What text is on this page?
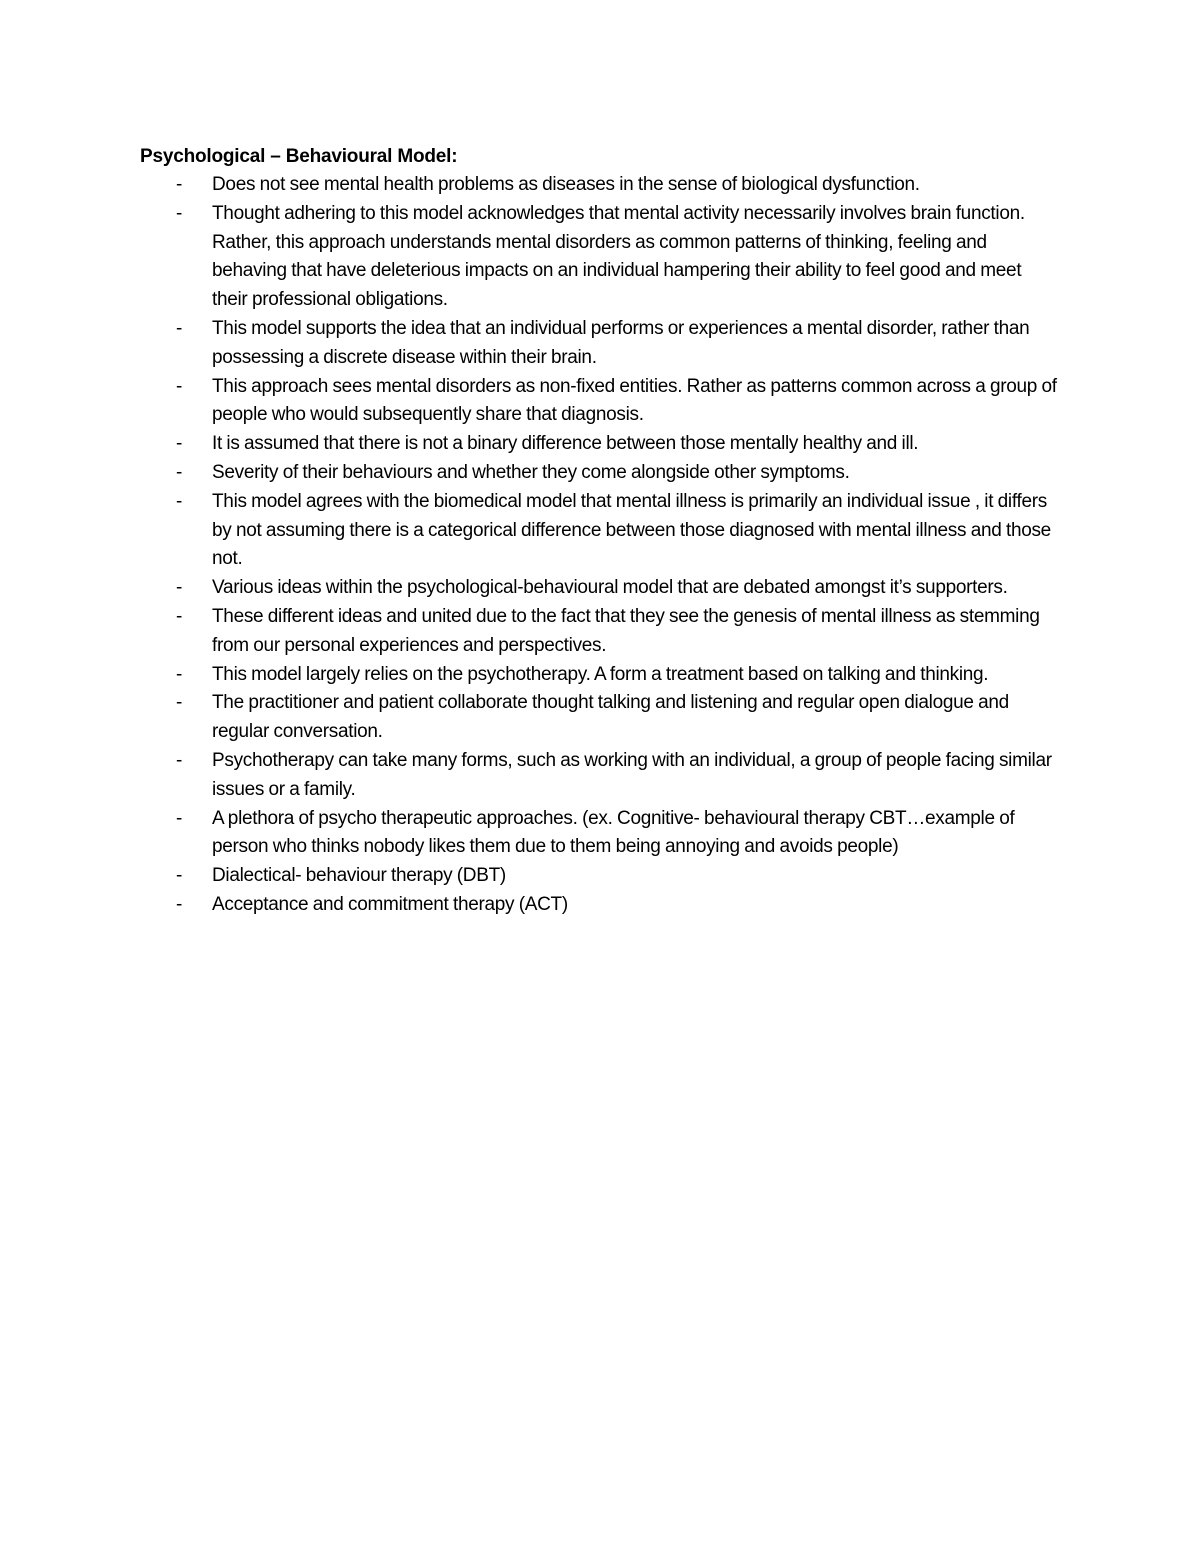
Psychological – Behavioural Model:

- Does not see mental health problems as diseases in the sense of biological dysfunction.
- Thought adhering to this model acknowledges that mental activity necessarily involves brain function. Rather, this approach understands mental disorders as common patterns of thinking, feeling and behaving that have deleterious impacts on an individual hampering their ability to feel good and meet their professional obligations.
- This model supports the idea that an individual performs or experiences a mental disorder, rather than possessing a discrete disease within their brain.
- This approach sees mental disorders as non-fixed entities. Rather as patterns common across a group of people who would subsequently share that diagnosis.
- It is assumed that there is not a binary difference between those mentally healthy and ill.
- Severity of their behaviours and whether they come alongside other symptoms.
- This model agrees with the biomedical model that mental illness is primarily an individual issue , it differs by not assuming there is a categorical difference between those diagnosed with mental illness and those not.
- Various ideas within the psychological-behavioural model that are debated amongst it’s supporters.
- These different ideas and united due to the fact that they see the genesis of mental illness as stemming from our personal experiences and perspectives.
- This model largely relies on the psychotherapy. A form a treatment based on talking and thinking.
- The practitioner and patient collaborate thought talking and listening and regular open dialogue and regular conversation.
- Psychotherapy can take many forms, such as working with an individual, a group of people facing similar issues or a family.
- A plethora of psycho therapeutic approaches. (ex. Cognitive- behavioural therapy CBT…example of person who thinks nobody likes them due to them being annoying and avoids people)
- Dialectical- behaviour therapy (DBT)
- Acceptance and commitment therapy (ACT)
